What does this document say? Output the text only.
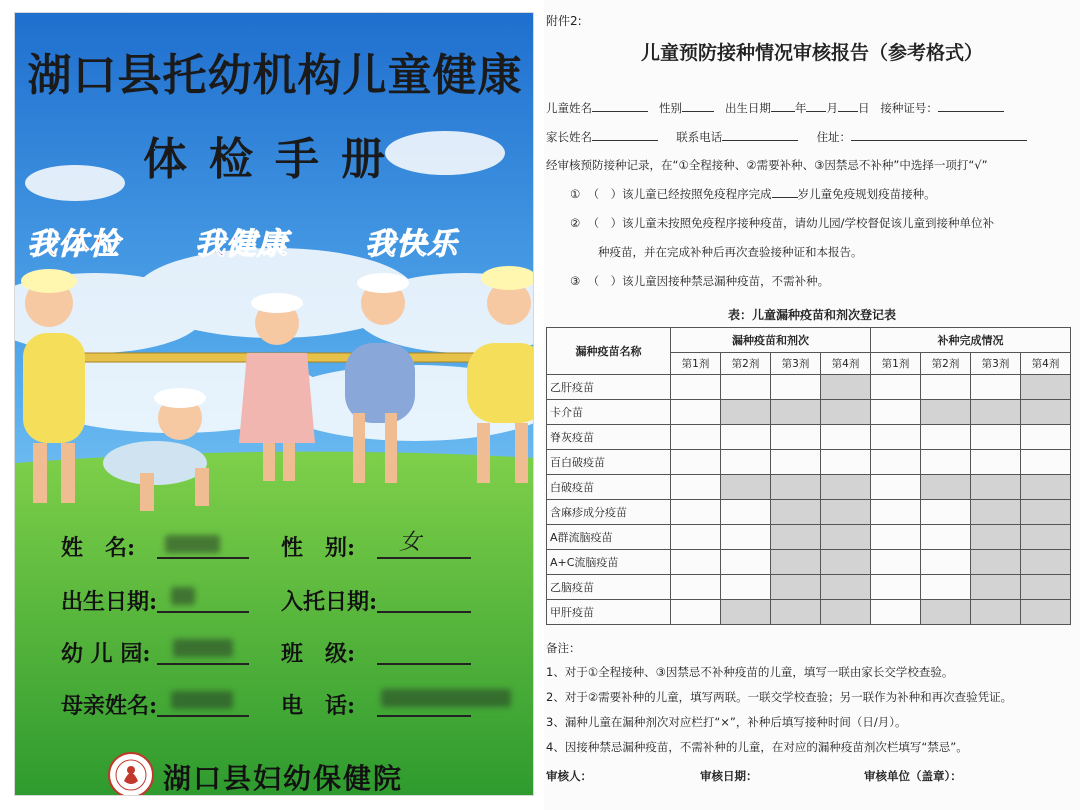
湖口县托幼机构儿童健康
体检手册
我体检	我健康	我快乐
姓　名:	性　别: 女
出生日期:	入托日期:
幼 儿 园:	班　级:
母亲姓名:	电　话:
湖口县妇幼保健院
附件2:
儿童预防接种情况审核报告（参考格式）
儿童姓名	性别	出生日期 年 月 日 接种证号：
家长姓名	联系电话	住址：
经审核预防接种记录，在“①全程接种、②需要补种、③因禁忌不补种”中选择一项打“√”
① （　）该儿童已经按照免疫程序完成 岁儿童免疫规划疫苗接种。
② （　）该儿童未按照免疫程序接种疫苗，请幼儿园/学校督促该儿童到接种单位补
种疫苗，并在完成补种后再次查验接种证和本报告。
③ （　）该儿童因接种禁忌漏种疫苗，不需补种。
表：儿童漏种疫苗和剂次登记表
漏种疫苗名称	漏种疫苗和剂次				补种完成情况			
	第1剂	第2剂	第3剂	第4剂	第1剂	第2剂	第3剂	第4剂
乙肝疫苗								
卡介苗								
脊灰疫苗								
百白破疫苗								
白破疫苗								
含麻疹成分疫苗								
A群流脑疫苗								
A+C流脑疫苗								
乙脑疫苗								
甲肝疫苗								
备注：
1、对于①全程接种、③因禁忌不补种疫苗的儿童，填写一联由家长交学校查验。
2、对于②需要补种的儿童，填写两联。一联交学校查验；另一联作为补种和再次查验凭证。
3、漏种儿童在漏种剂次对应栏打“×”，补种后填写接种时间（日/月）。
4、因接种禁忌漏种疫苗，不需补种的儿童，在对应的漏种疫苗剂次栏填写“禁忌”。
审核人：	审核日期：	审核单位（盖章）：
